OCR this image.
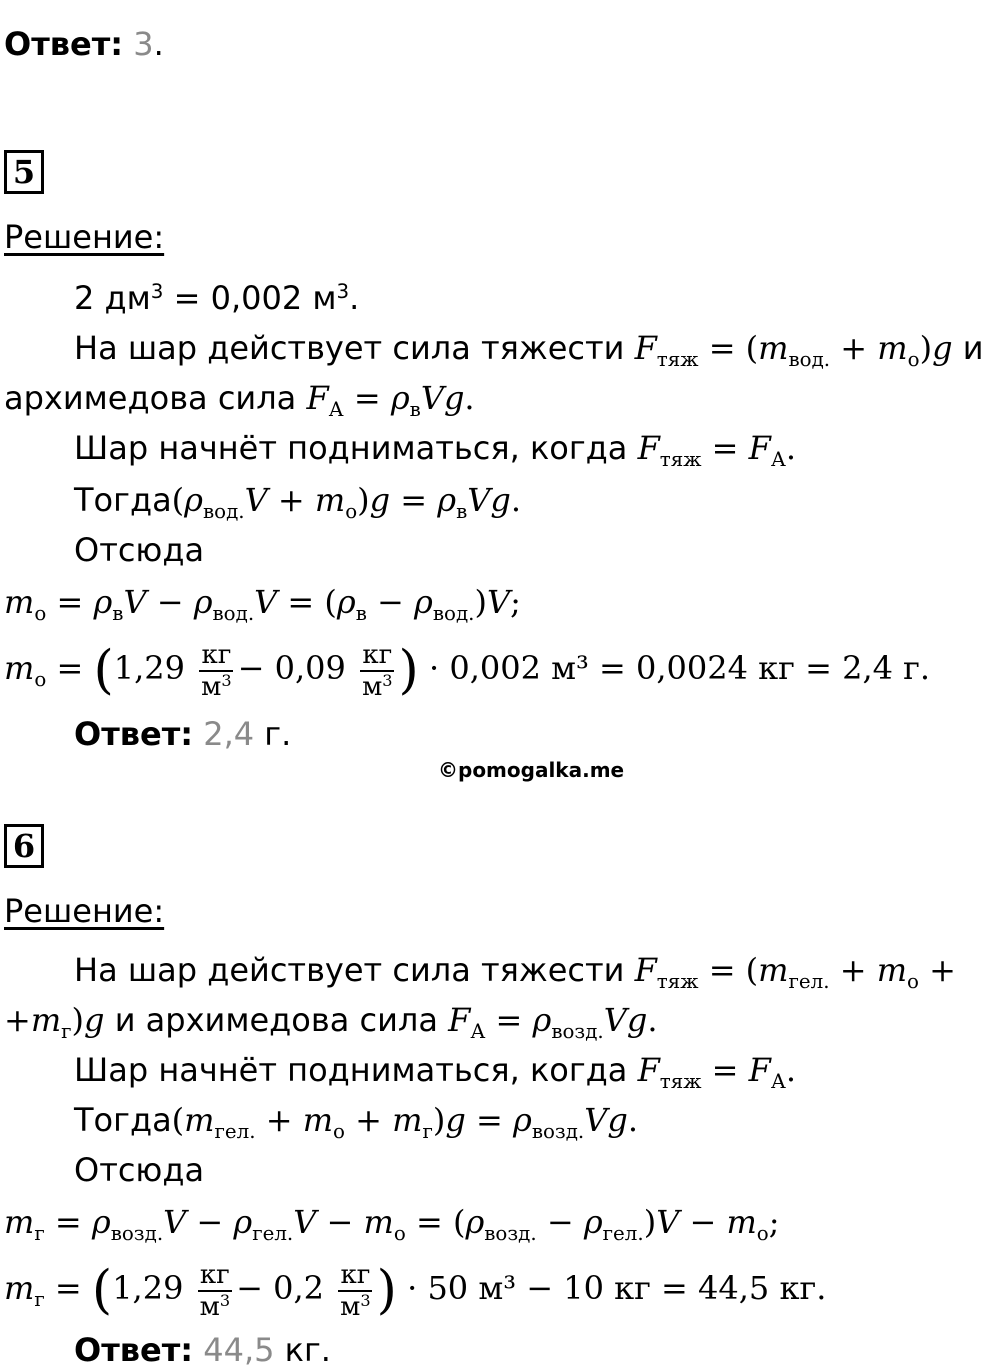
Ответ: 3.
5
Решение:
2 $дм^3 = 0,002$ $м^3$.
На шар действует сила тяжести $F_{тяж} = (m_{вод.} + m_о)g$ и
архимедова сила $F_А = \rho_вVg$.
Шар начнёт подниматься, когда $F_{тяж} = F_А$.
$Тогда(\rho_{вод.}V + m_о)g = \rho_вVg$.
Отсюда
$m_о = \rho_вV - \rho_{вод.}V = (\rho_в - \rho_{вод.})V$;
$m_о = (1,29 \frac{кг}{м^3} - 0,09 \frac{кг}{м^3}$ ) · 0,002 м³ = 0,0024 кг = 2,4 г.
Ответ: 2,4 г.
©pomogalka.me
6
Решение:
На шар действует сила тяжести $F_{тяж} = (m_{гел.} + m_о$ +
$+m_г)g$ и архимедова сила $F_А = \rho_{возд.}Vg$.
Шар начнёт подниматься, когда $F_{тяж} = F_А$.
$Тогда(m_{гел.} + m_о + m_г)g = \rho_{возд.}Vg$.
Отсюда
$m_г = \rho_{возд.}V - \rho_{гел.}V - m_о = (\rho_{возд.} - \rho_{гел.})V - m_о$;
$m_г = (1,29 \frac{кг}{м^3} - 0,2 \frac{кг}{м^3}$ ) · 50 м³ − 10 кг = 44,5 кг.
Ответ: 44,5 кг.
